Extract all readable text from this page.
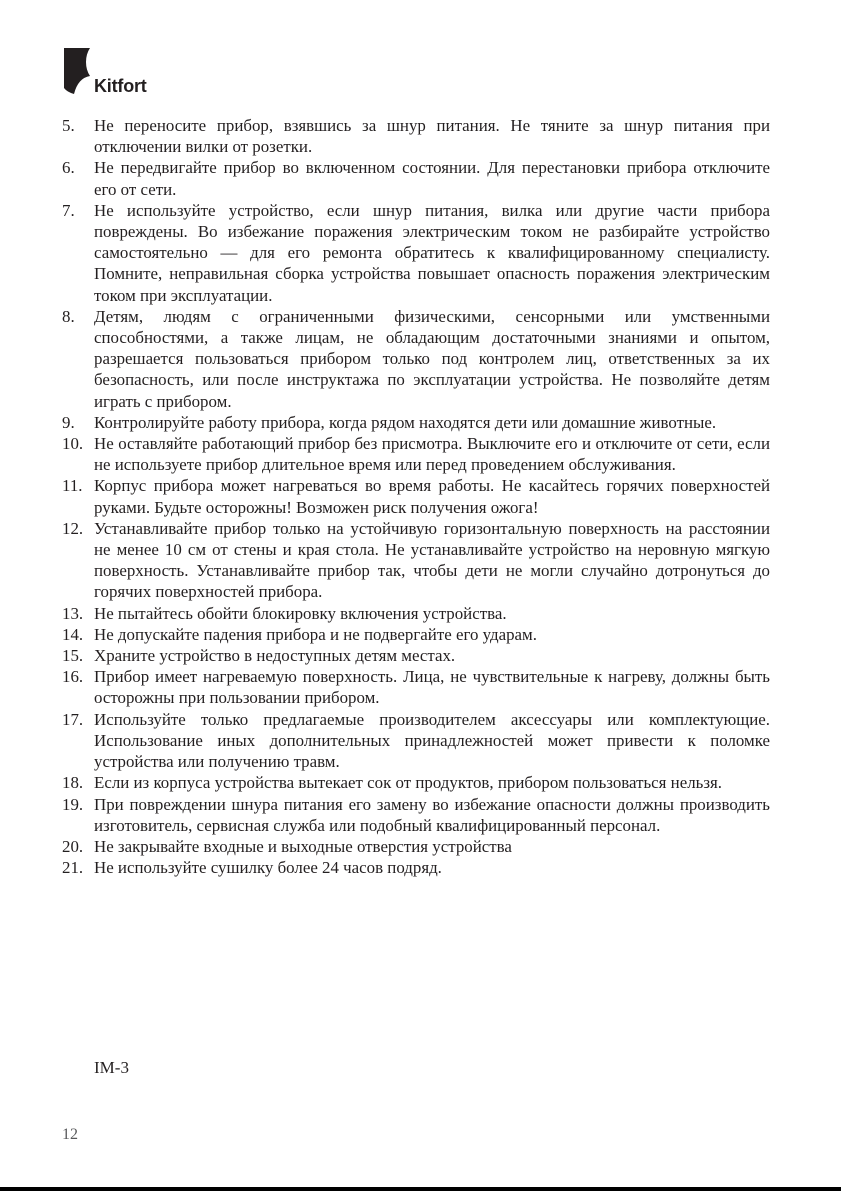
Kitfort
5.	Не переносите прибор, взявшись за шнур питания. Не тяните за шнур питания при отключении вилки от розетки.
6.	Не передвигайте прибор во включенном состоянии. Для перестановки прибора отключите его от сети.
7.	Не используйте устройство, если шнур питания, вилка или другие части прибора повреждены. Во избежание поражения электрическим током не разбирайте устройство самостоятельно — для его ремонта обратитесь к квалифицированному специалисту. Помните, неправильная сборка устройства повышает опасность поражения электрическим током при эксплуатации.
8.	Детям, людям с ограниченными физическими, сенсорными или умственными способностями, а также лицам, не обладающим достаточными знаниями и опытом, разрешается пользоваться прибором только под контролем лиц, ответственных за их безопасность, или после инструктажа по эксплуатации устройства. Не позволяйте детям играть с прибором.
9.	Контролируйте работу прибора, когда рядом находятся дети или домашние животные.
10. Не оставляйте работающий прибор без присмотра. Выключите его и отключите от сети, если не используете прибор длительное время или перед проведением обслуживания.
11. Корпус прибора может нагреваться во время работы. Не касайтесь горячих поверхностей руками. Будьте осторожны! Возможен риск получения ожога!
12. Устанавливайте прибор только на устойчивую горизонтальную поверхность на расстоянии не менее 10 см от стены и края стола. Не устанавливайте устройство на неровную мягкую поверхность. Устанавливайте прибор так, чтобы дети не могли случайно дотронуться до горячих поверхностей прибора.
13. Не пытайтесь обойти блокировку включения устройства.
14. Не допускайте падения прибора и не подвергайте его ударам.
15. Храните устройство в недоступных детям местах.
16. Прибор имеет нагреваемую поверхность. Лица, не чувствительные к нагреву, должны быть осторожны при пользовании прибором.
17. Используйте только предлагаемые производителем аксессуары или комплектующие. Использование иных дополнительных принадлежностей может привести к поломке устройства или получению травм.
18. Если из корпуса устройства вытекает сок от продуктов, прибором пользоваться нельзя.
19. При повреждении шнура питания его замену во избежание опасности должны производить изготовитель, сервисная служба или подобный квалифицированный персонал.
20. Не закрывайте входные и выходные отверстия устройства
21. Не используйте сушилку более 24 часов подряд.
IM-3
12
